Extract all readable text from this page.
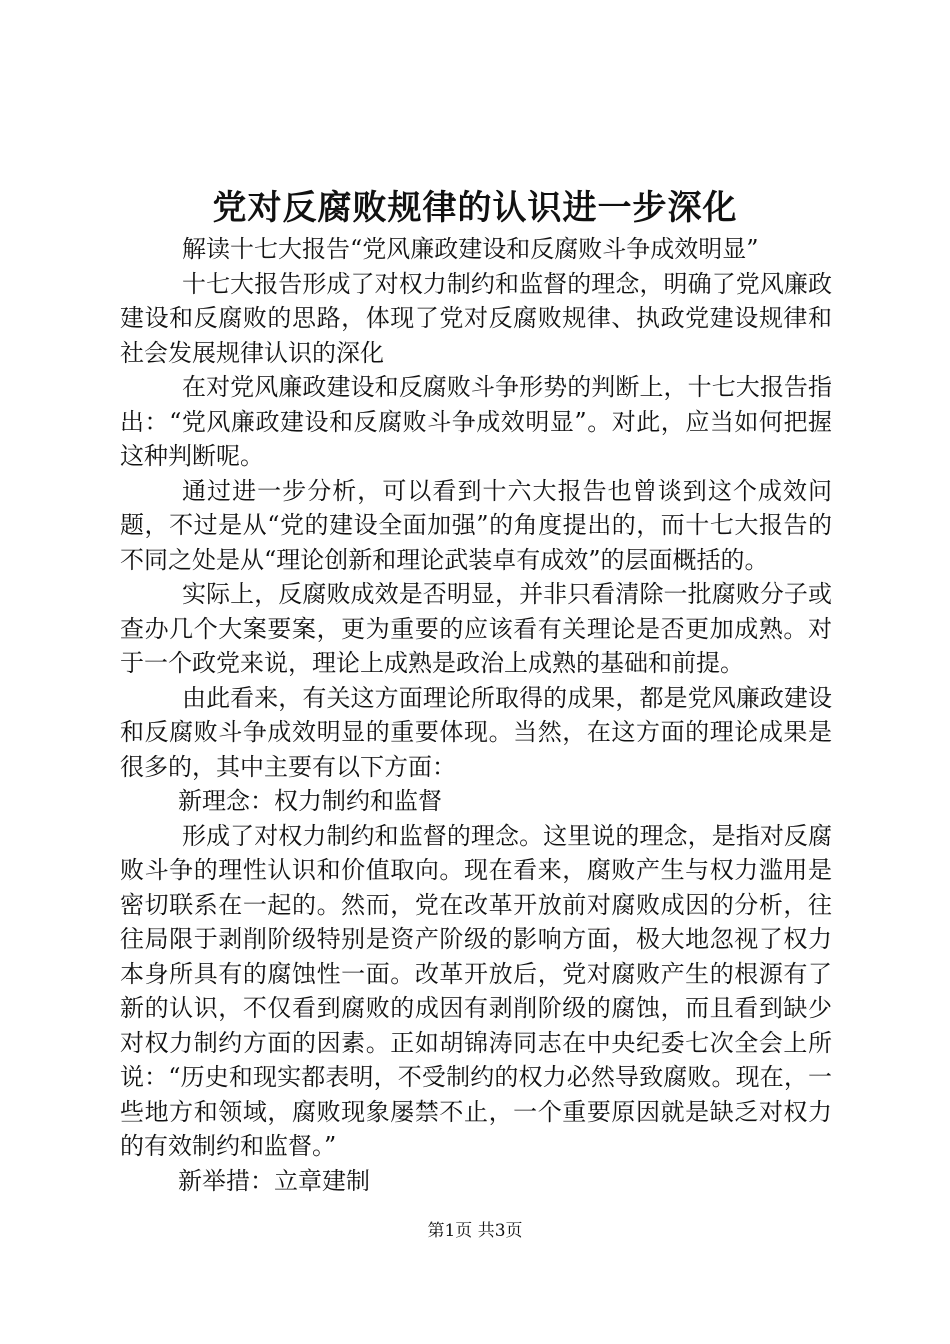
党对反腐败规律的认识进一步深化

解读十七大报告“党风廉政建设和反腐败斗争成效明显”

十七大报告形成了对权力制约和监督的理念，明确了党风廉政建设和反腐败的思路，体现了党对反腐败规律、执政党建设规律和社会发展规律认识的深化

在对党风廉政建设和反腐败斗争形势的判断上，十七大报告指出：“党风廉政建设和反腐败斗争成效明显”。对此，应当如何把握这种判断呢。

通过进一步分析，可以看到十六大报告也曾谈到这个成效问题，不过是从“党的建设全面加强”的角度提出的，而十七大报告的不同之处是从“理论创新和理论武装卓有成效”的层面概括的。

实际上，反腐败成效是否明显，并非只看清除一批腐败分子或查办几个大案要案，更为重要的应该看有关理论是否更加成熟。对于一个政党来说，理论上成熟是政治上成熟的基础和前提。

由此看来，有关这方面理论所取得的成果，都是党风廉政建设和反腐败斗争成效明显的重要体现。当然，在这方面的理论成果是很多的，其中主要有以下方面：

新理念：权力制约和监督

形成了对权力制约和监督的理念。这里说的理念，是指对反腐败斗争的理性认识和价值取向。现在看来，腐败产生与权力滥用是密切联系在一起的。然而，党在改革开放前对腐败成因的分析，往往局限于剥削阶级特别是资产阶级的影响方面，极大地忽视了权力本身所具有的腐蚀性一面。改革开放后，党对腐败产生的根源有了新的认识，不仅看到腐败的成因有剥削阶级的腐蚀，而且看到缺少对权力制约方面的因素。正如胡锦涛同志在中央纪委七次全会上所说：“历史和现实都表明，不受制约的权力必然导致腐败。现在，一些地方和领域，腐败现象屡禁不止，一个重要原因就是缺乏对权力的有效制约和监督。”

新举措：立章建制

第1页 共3页
